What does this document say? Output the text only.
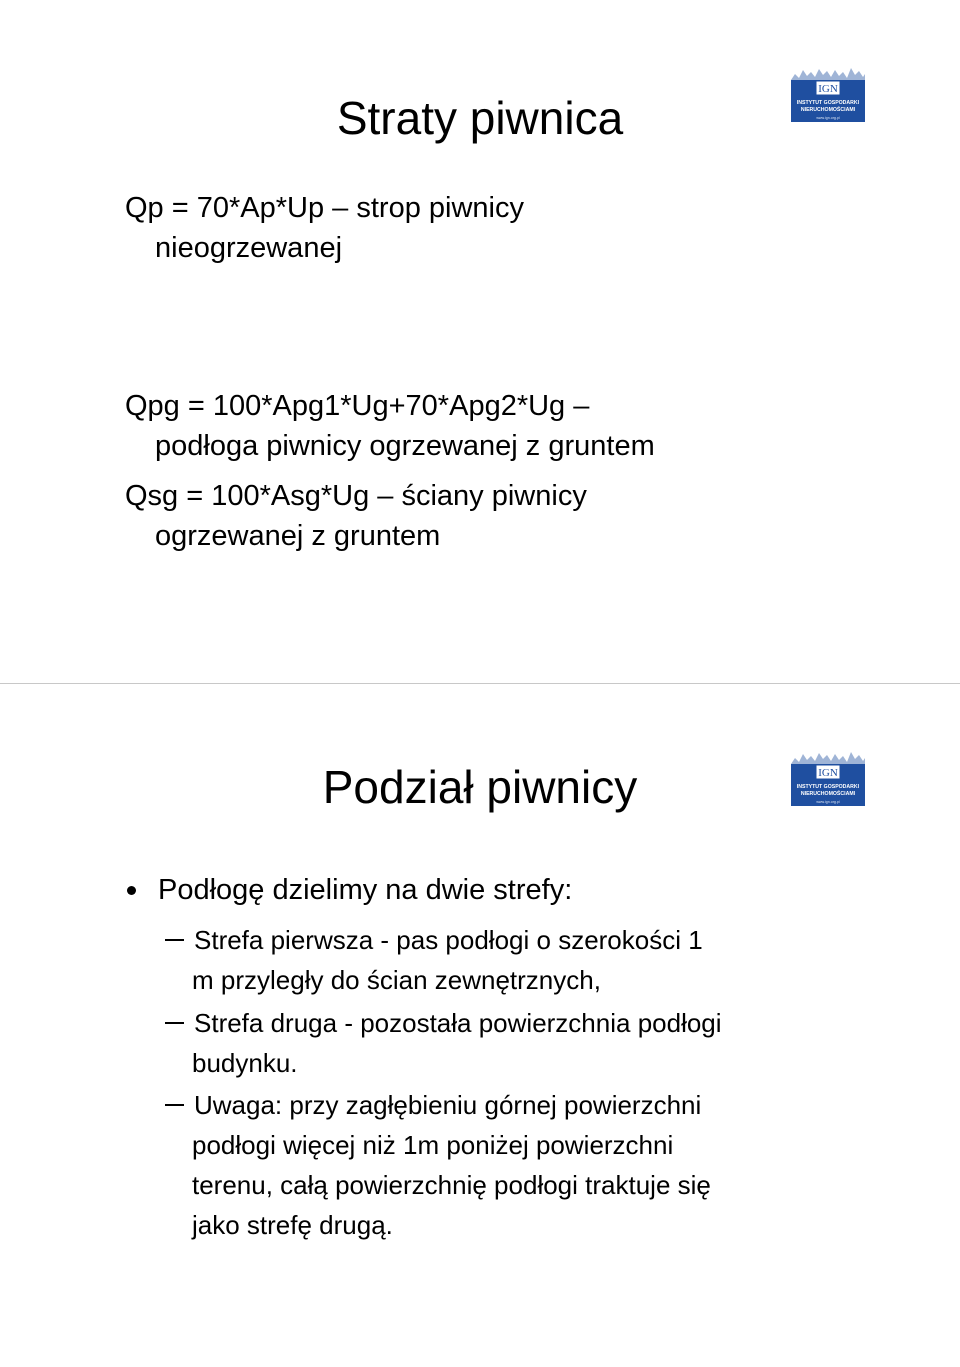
Straty piwnica
IGN
INSTYTUT GOSPODARKI
NIERUCHOMOŚCIAMI
www.ign.org.pl
Qp = 70*Ap*Up – strop piwnicy
nieogrzewanej
Qpg = 100*Apg1*Ug+70*Apg2*Ug –
podłoga piwnicy ogrzewanej z gruntem
Qsg = 100*Asg*Ug – ściany piwnicy
ogrzewanej z gruntem
Podział piwnicy	IGN
INSTYTUT GOSPODARKI
NIERUCHOMOŚCIAMI
www.ign.org.pl
Podłogę dzielimy na dwie strefy:
Strefa pierwsza - pas podłogi o szerokości 1
m przyległy do ścian zewnętrznych,
Strefa druga - pozostała powierzchnia podłogi
budynku.
Uwaga: przy zagłębieniu górnej powierzchni
podłogi więcej niż 1m poniżej powierzchni
terenu, całą powierzchnię podłogi traktuje się
jako strefę drugą.
